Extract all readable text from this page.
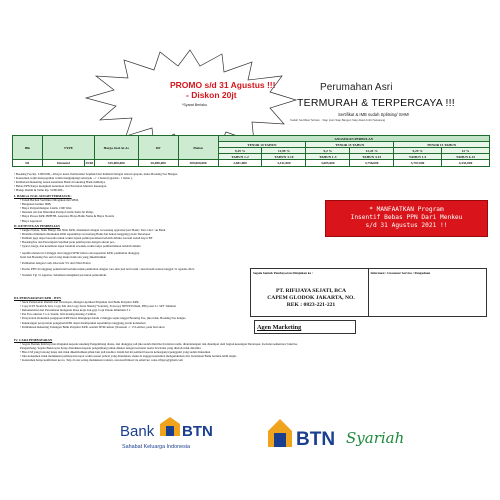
PROMO s/d 31 Agustus !!!
- Diskon 20jt
*Syarat Berlaku
Perumahan Asri
TERMURAH & TERPERCAYA !!!
Sertifikat & IMB sudah Splitsing/ SHM!
Sudah Sertifikat Terbaru - Siap Huni Siap Bangun Siap Akad Ambil Sekarang
Blk	TYPE		Harga Jual Ai-As	DP	Plafon	ANGSURAN PERBULAN					
						TENOR 10 TAHUN		TENOR 15 TAHUN		TENOR 15 TAHUN	
						9,29 %	11,99 %	9,2 %	12,25 %	9,29 %	12 %
						TAHUN 1-2	TAHUN 3-10	TAHUN 1-3	TAHUN 4-15	TAHUN 1-5	TAHUN 6-15
D1	Diamond	29/60	329,000,000	20,000,000	309,000,000	2,681,000	3,511,000	3,005,000	3,758,000	3,797,000	4,433,000
• Booking Fee Rp. 5.000.000,- dibayar tunai, Pembatalan Sepihak Dari Pembeli Dengan Alasan apapun, maka Booking Fee Hangus.
• Konsumen wajib menyegelkan velum mengunjungi sebanyak --> 1 bulan (tagarlan : 1 bulan ).
• Pembelaan Rekening sesuai ketentuan Bank di rekening Bank milikinya
• Bebas PPN hanya mengikuti ketentuan dari Peraturan Menteri Keuangan
• Hadap Damm & Temu Rp. 5.000.000,-
I. HARGA JUAL SUDAH TERMASUK:
• Tanah Berikut Sertifikat Dibagikan/dan SHM,
• Bangunan berikut IMB,
• Biaya Penyambungan Listrik 1300 Watt,
• Instalasi Air dan Diberikan Pompa Listrik Semi Jet Pump,
• Biaya Proses KPR, BPHTB, Asuransi, Biaya Balik Nama & Biaya Notaris
• Biaya Appraisal
II. KETENTUAN PEMBELIAN
• Jangka Waktu, Suku Bunga dan Nilai KPR, ditentukan dengan wewenang appraiser/pers Bank / Pers vitel / an Bank
• Ditetima minimum ditentukan KPR sepenuhnya wewenang Bank dan bukan tanggung jawab Developer
• Pembeli juga dapat bersedia untuk waktu tujuan pembayarankan berlebih dahulu, kecuali sudah bayar BF
• Booking/fee dan Persetujuan Sepihak pada pembayaran dengan aturan per...
• Syarat, harga, dan ketentuan dapat berubah sewaktu-waktu tanpa pemberitahuan terlebih dahulu
• Apabila melewati 2 minggu dari tanggal SP3K bahwa ada kepastian KPR, pembelian dianggap
batal dan Booking Fee serta Uang muka tidak ada yang dikembalikan
• Pembelian dengan Cash, Discount 5% dari Nilai Plafon
• Promo PPN di tanggung pemerintah berlaku untuk pembelian dengan cara akta jual beli resmi / akad kredit selesai tanggal 31 agustus 2021.
• Standart Tgl 31 Agustus, Sebelikan mengikuti peraturan pemerintah.
III. PERSYARATAN KPR - BTN
• Surat Pemesanan Rumah dari Developer, Mengisi Aplikasi Pinjaman dari Bank Penyalur KPR.
• Copy KTP Suami & Istri, Copy KK dan Copy Surat Nikah (*Gandar), Fotocopy NPWP Pribadi, PPh pasal 21, SPT Tahunan
• Rekomendasi dari Perusahaan mengenai masa kerja dan gaji, Copi Pokok minimum 3 x
• Pas Foto ukuran 3 x 4, Suami, Istri masing-masing 2 lembar
• Persyaratan Dokumen pengajuan KPR harus dilengkapi dalam 2 minggu sejak tanggal Booking Fee, jika tidak, Booking Fee hangus
• Kekurangan persyaratan pengajuan KPR dapat disampaikan sepenuhnya tanggung jawab konsumen
• Pembukaan Rekening Tabungan Bank Penyalur KPR, setelah SP3K keluar (Nasional -> 15 Lembar, pada hari akad
IV. CARA PEMBAYARAN
• Segala Bentuk Pembayaran ditujukan kepada rekening Pengembang diatas, dan dianggap sah jika sudah diterima Kwitansi resmi, ditandatangani dan distempel oleh bagian keuangan Developer, kwitansi sementara/ bukti ke
Pengembang. Segala Bukti serta harap diterahkan kepada pengembang untuk ditukar dengan kwitansi resmi. Kwitansi yang diterah tidak diterima.
• Bisa CM yang bobong lunas dan tidak dikembalikan pihak lain jadi kreditor dalam hal ini pembeli beserta keluarganya/pengganti yang sudah diakadkan
• Jika konsumen tidak melakukan pembayaran tepat waktu sesuai jadwal yang ditentukan, maka di anggap konsumen mengundurkan diri, Ketentuan Bank berlaku lebih lanjut.
• Konsumen harap konfirmasi ke no. Telp di atas setiap melakukan transfer, atau konfirmasi via email ke: sales.riftjaya@gmail.com
* MANFAATKAN Program
Insentif Bebas PPN Dari Menkeu
s/d 31 Agustus 2021 !!
Segala bentuk Pembayaran Ditujukan ke :	Informasi / Customer Service / Pengaduan
PT. RIFIJAYA SEJATI, BCA
CAPEM GLODOK JAKARTA, NO.
REK : 0823-221-221
Agen Marketing
Bank BTN
Sahabat Keluarga Indonesia	BTN Syariah
